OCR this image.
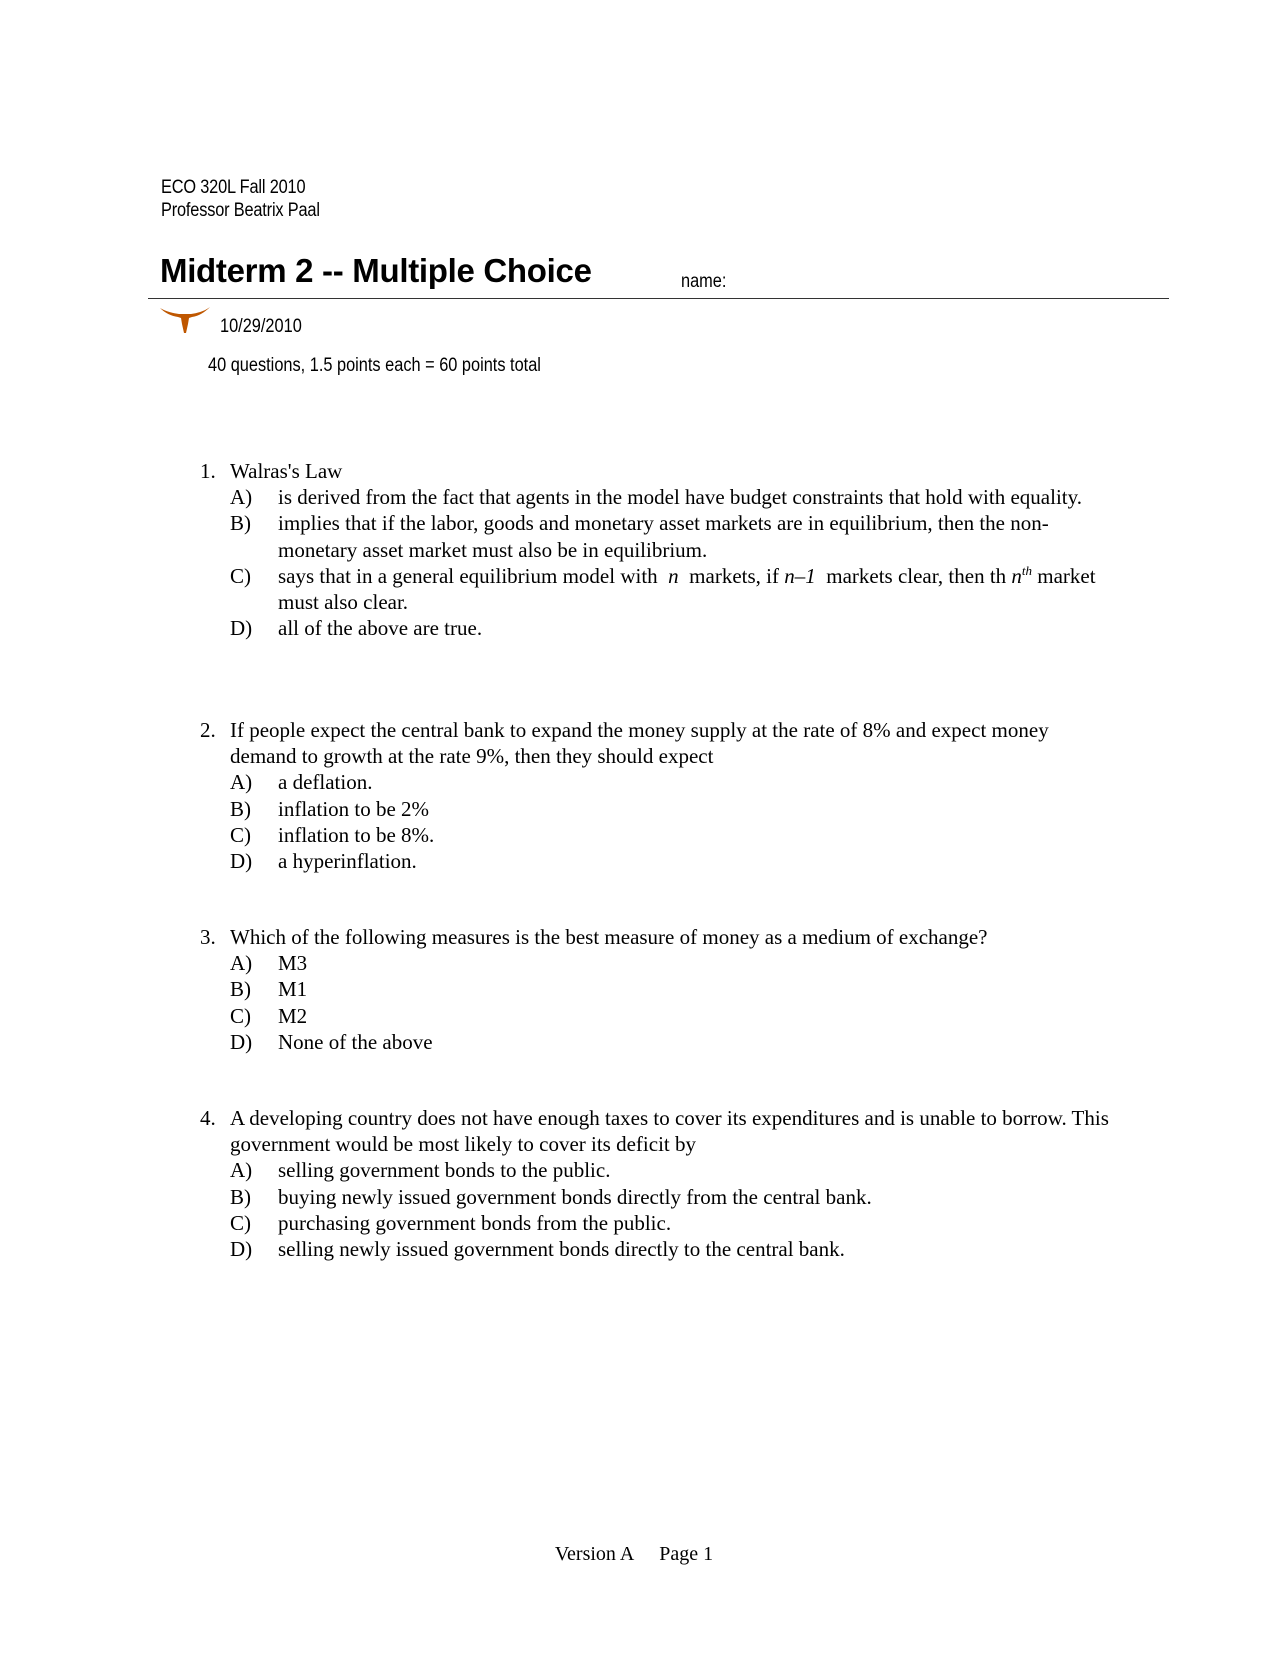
ECO 320L Fall 2010
Professor Beatrix Paal
Midterm 2 -- Multiple Choice	name:
10/29/2010
40 questions, 1.5 points each = 60 points total
1. Walras's Law
A) is derived from the fact that agents in the model have budget constraints that hold with equality.
B) implies that if the labor, goods and monetary asset markets are in equilibrium, then the non-monetary asset market must also be in equilibrium.
C) says that in a general equilibrium model with n markets, if n–1 markets clear, then th $n^{th}$ market must also clear.
D) all of the above are true.
2. If people expect the central bank to expand the money supply at the rate of 8% and expect money demand to growth at the rate 9%, then they should expect
A) a deflation.
B) inflation to be 2%
C) inflation to be 8%.
D) a hyperinflation.
3. Which of the following measures is the best measure of money as a medium of exchange?
A) M3
B) M1
C) M2
D) None of the above
4. A developing country does not have enough taxes to cover its expenditures and is unable to borrow. This government would be most likely to cover its deficit by
A) selling government bonds to the public.
B) buying newly issued government bonds directly from the central bank.
C) purchasing government bonds from the public.
D) selling newly issued government bonds directly to the central bank.
Version A Page 1
